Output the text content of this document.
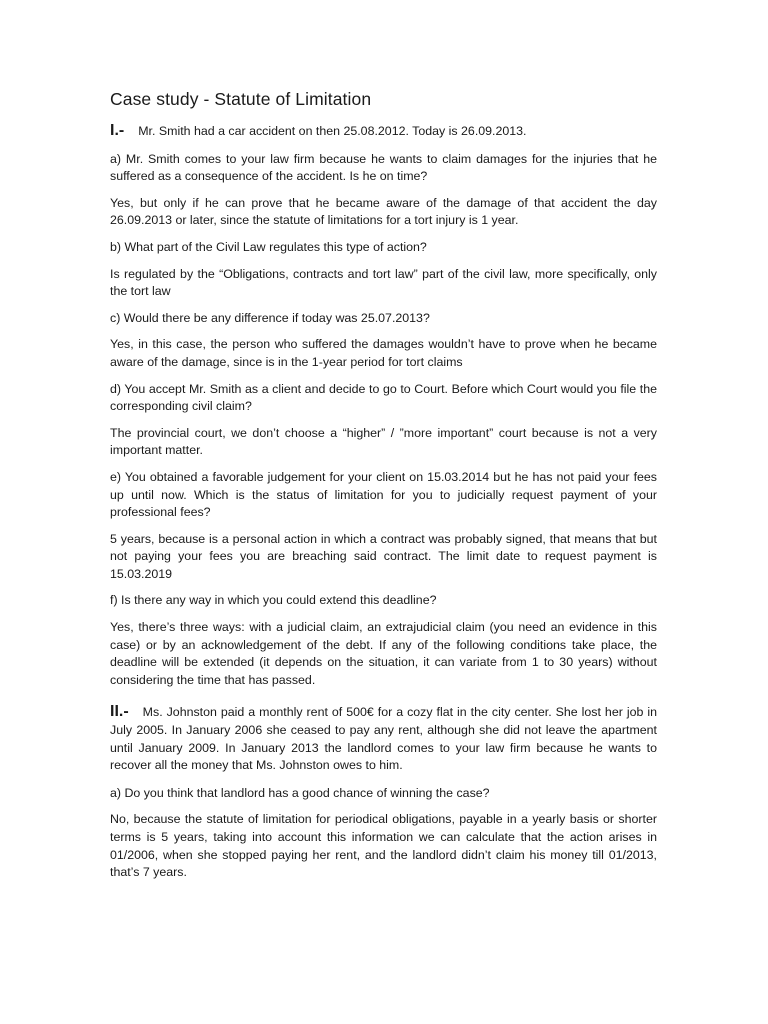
Case study - Statute of Limitation

I.- Mr. Smith had a car accident on then 25.08.2012. Today is 26.09.2013.

a) Mr. Smith comes to your law firm because he wants to claim damages for the injuries that he suffered as a consequence of the accident. Is he on time?

Yes, but only if he can prove that he became aware of the damage of that accident the day 26.09.2013 or later, since the statute of limitations for a tort injury is 1 year.

b) What part of the Civil Law regulates this type of action?

Is regulated by the “Obligations, contracts and tort law” part of the civil law, more specifically, only the tort law

c) Would there be any difference if today was 25.07.2013?

Yes, in this case, the person who suffered the damages wouldn’t have to prove when he became aware of the damage, since is in the 1-year period for tort claims

d) You accept Mr. Smith as a client and decide to go to Court. Before which Court would you file the corresponding civil claim?

The provincial court, we don’t choose a “higher” / ”more important” court because is not a very important matter.

e) You obtained a favorable judgement for your client on 15.03.2014 but he has not paid your fees up until now. Which is the status of limitation for you to judicially request payment of your professional fees?

5 years, because is a personal action in which a contract was probably signed, that means that but not paying your fees you are breaching said contract. The limit date to request payment is 15.03.2019

f) Is there any way in which you could extend this deadline?

Yes, there’s three ways: with a judicial claim, an extrajudicial claim (you need an evidence in this case) or by an acknowledgement of the debt. If any of the following conditions take place, the deadline will be extended (it depends on the situation, it can variate from 1 to 30 years) without considering the time that has passed.

II.- Ms. Johnston paid a monthly rent of 500€ for a cozy flat in the city center. She lost her job in July 2005. In January 2006 she ceased to pay any rent, although she did not leave the apartment until January 2009. In January 2013 the landlord comes to your law firm because he wants to recover all the money that Ms. Johnston owes to him.

a) Do you think that landlord has a good chance of winning the case?

No, because the statute of limitation for periodical obligations, payable in a yearly basis or shorter terms is 5 years, taking into account this information we can calculate that the action arises in 01/2006, when she stopped paying her rent, and the landlord didn’t claim his money till 01/2013, that’s 7 years.
